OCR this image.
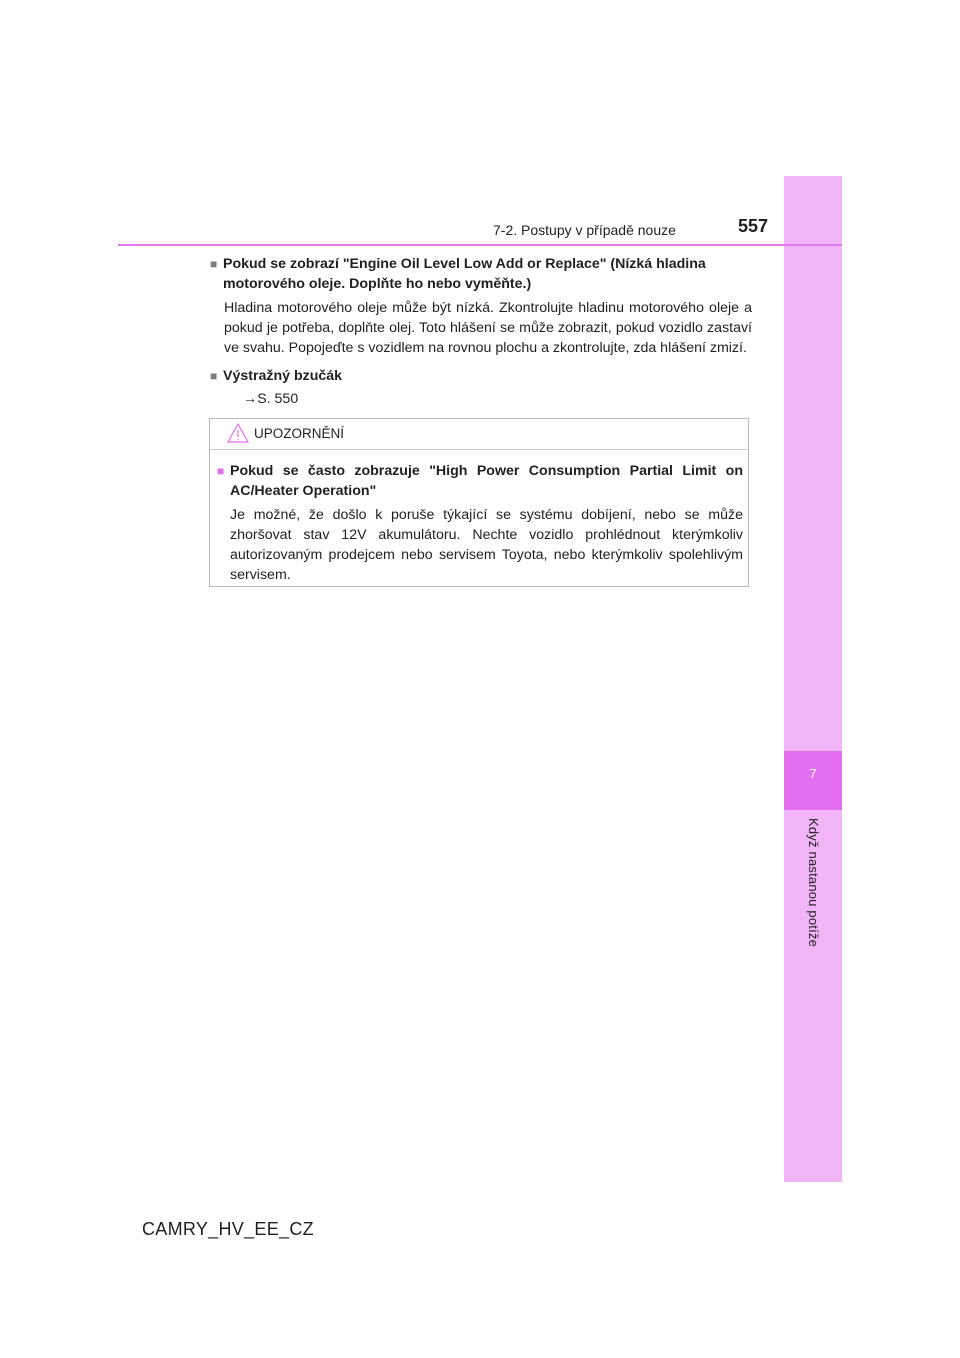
7
Když nastanou potíže
7-2. Postupy v případě nouze	557
■ Pokud se zobrazí "Engine Oil Level Low Add or Replace" (Nízká hladina motorového oleje. Doplňte ho nebo vyměňte.)
Hladina motorového oleje může být nízká. Zkontrolujte hladinu motorového oleje a pokud je potřeba, doplňte olej. Toto hlášení se může zobrazit, pokud vozidlo zastaví ve svahu. Popojeďte s vozidlem na rovnou plochu a zkontrolujte, zda hlášení zmizí.
■ Výstražný bzučák
→S. 550
UPOZORNĚNÍ
■ Pokud se často zobrazuje "High Power Consumption Partial Limit on AC/Heater Operation"
Je možné, že došlo k poruše týkající se systému dobíjení, nebo se může zhoršovat stav 12V akumulátoru. Nechte vozidlo prohlédnout kterýmkoliv autorizovaným prodejcem nebo servisem Toyota, nebo kterýmkoliv spolehlivým servisem.
CAMRY_HV_EE_CZ
